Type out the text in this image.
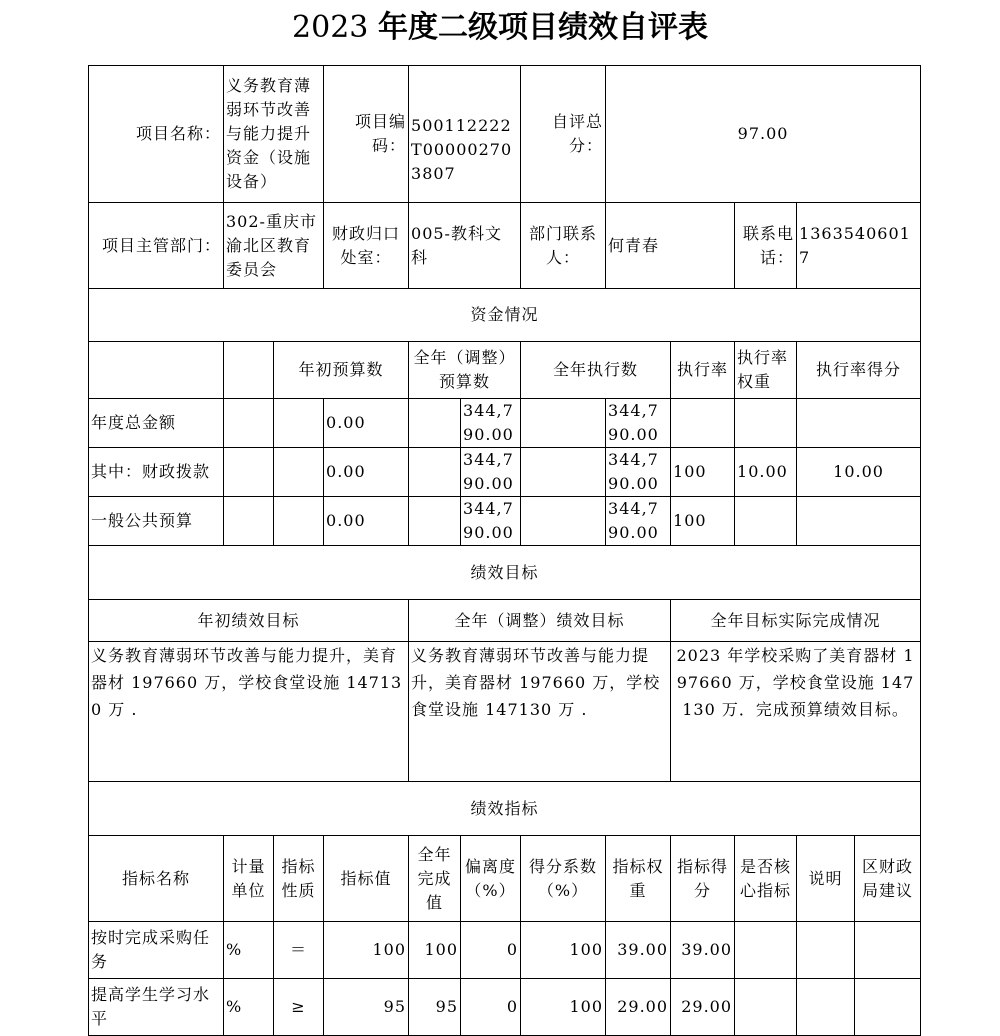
2023 年度二级项目绩效自评表
项目名称：	义务教育薄弱环节改善与能力提升资金（设施设备）		项目编码：	500112222T000002703807		自评总分：	97.00				
项目主管部门：	302-重庆市渝北区教育委员会		财政归口处室：	005-教科文科		部门联系人：	何青春		联系电话：	13635406017	
资金情况											
		年初预算数		全年（调整）预算数		全年执行数		执行率	执行率权重	执行率得分	
年度总金额			0.00		344,790.00		344,790.00				
其中：财政拨款			0.00		344,790.00		344,790.00	100	10.00	10.00	
一般公共预算			0.00		344,790.00		344,790.00	100			
绩效目标											
年初绩效目标				全年（调整）绩效目标				全年目标实际完成情况			
义务教育薄弱环节改善与能力提升，美育器材 197660 万，学校食堂设施 147130 万 .				义务教育薄弱环节改善与能力提升，美育器材 197660 万，学校食堂设施 147130 万 .				2023 年学校采购了美育器材 197660 万，学校食堂设施 147130 万．完成预算绩效目标。			
绩效指标											
指标名称	计量单位	指标性质	指标值	全年完成值	偏离度（%）	得分系数（%）	指标权重	指标得分	是否核心指标	说明	区财政局建议
按时完成采购任务	%	＝	100	100	0	100	39.00	39.00			
提高学生学习水平	%	≥	95	95	0	100	29.00	29.00			
